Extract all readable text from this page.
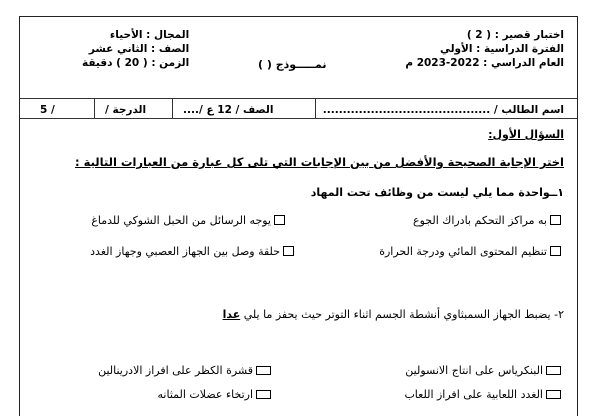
اختبار قصير : ( 2 )
الفترة الدراسية : الأولي
العام الدراسي : 2022-2023 م
المجال : الأحياء
الصف : الثاني عشر
الزمن : ( 20 ) دقيقة	نمـــــوذج ( )
اسم الطالب / ..........................................
الصف / 12 ع /....
الدرجة /
/ 5
السؤال الأول:
اختر الإجابة الصحيحة والأفضل من بين الإجابات التي تلى كل عبارة من العبارات التالية :
١ــواحدة مما يلي ليست من وظائف تحت المهاد
به مراكز التحكم بادراك الجوع
يوجه الرسائل من الحبل الشوكي للدماغ
تنظيم المحتوى المائي ودرجة الحرارة
حلقة وصل بين الجهاز العصبي وجهاز الغدد
٢- يضبط الجهاز السمبثاوي أنشطة الجسم اثناء التوتر حيث يحفز ما يلي عدا
البنكرياس على انتاج الانسولين
قشرة الكظر على افراز الادرينالين
الغدد اللعابية على افراز اللعاب
ارتخاء عضلات المثانه
